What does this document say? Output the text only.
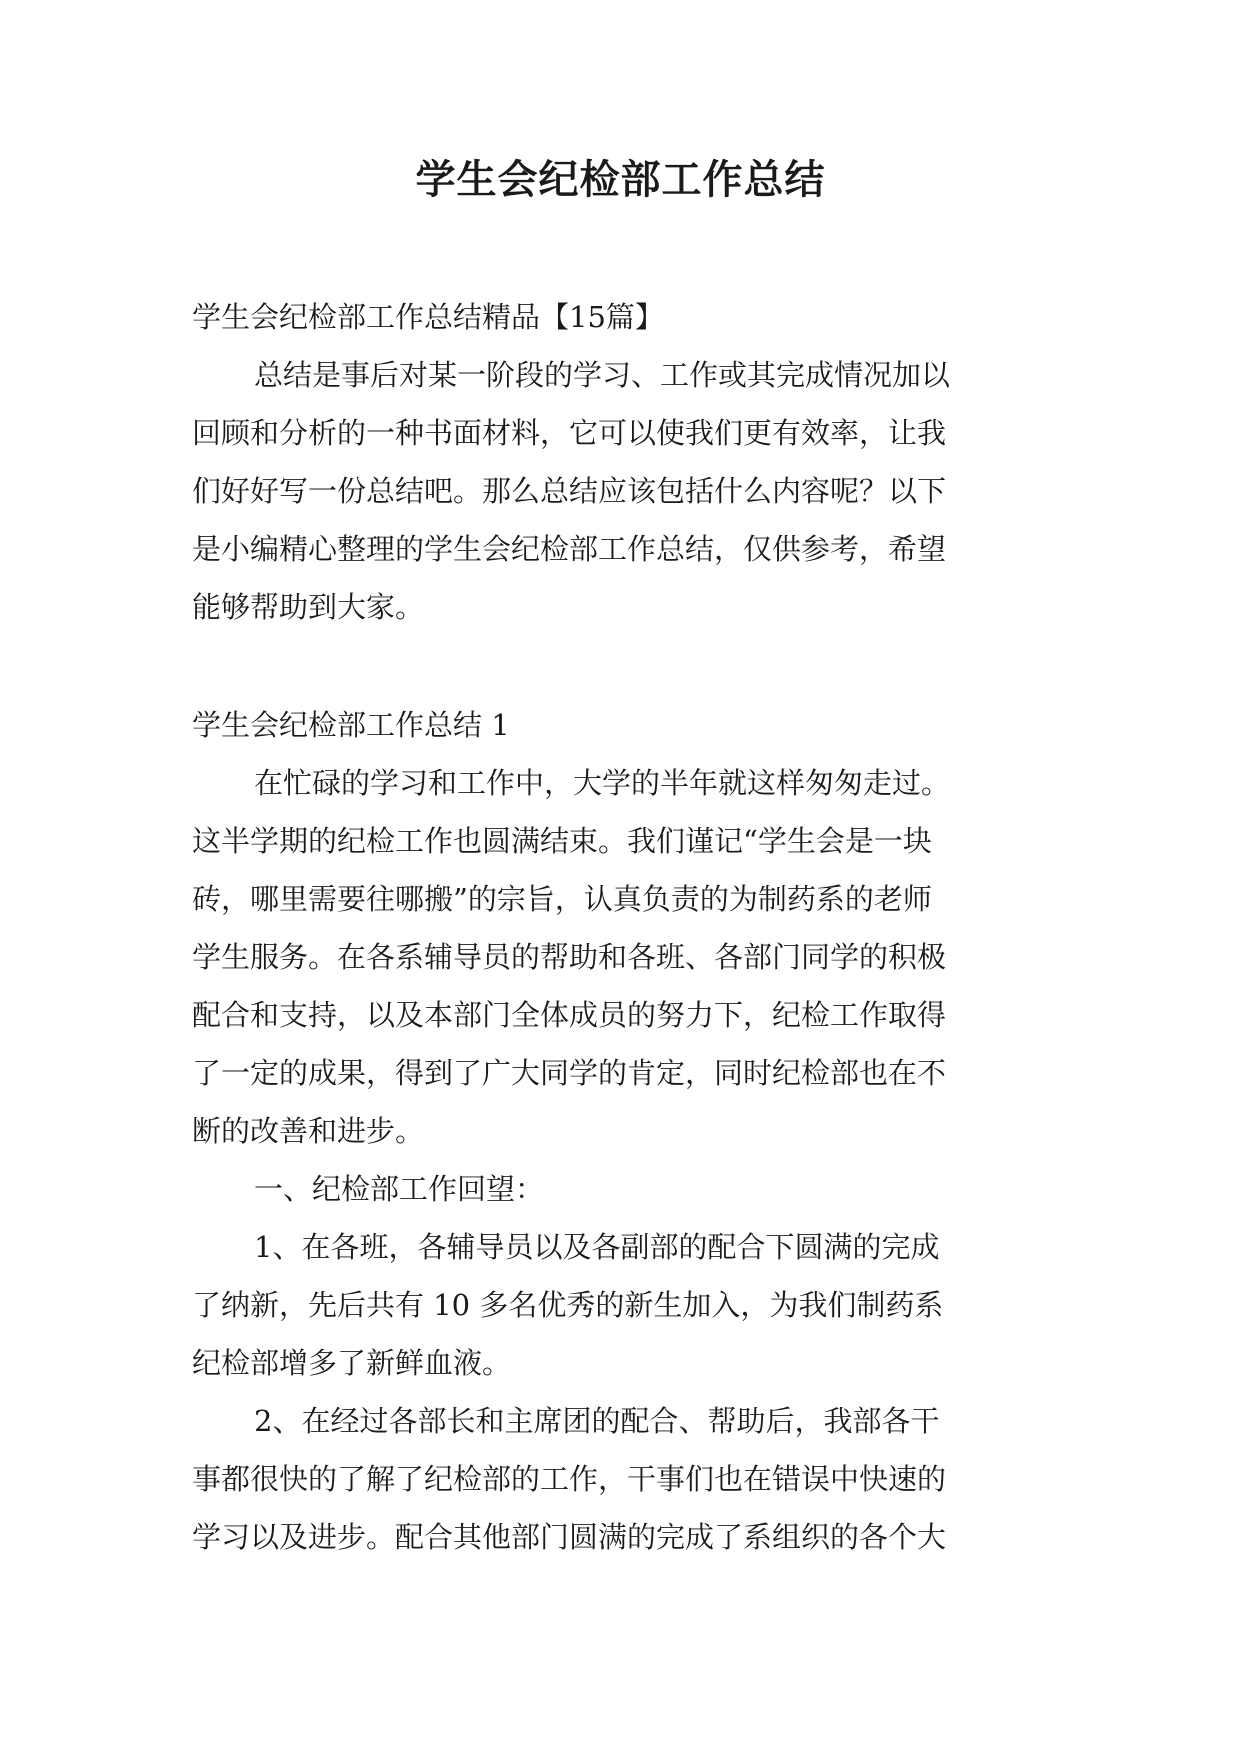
学生会纪检部工作总结

学生会纪检部工作总结精品【15篇】

总结是事后对某一阶段的学习、工作或其完成情况加以

回顾和分析的一种书面材料，它可以使我们更有效率，让我

们好好写一份总结吧。那么总结应该包括什么内容呢？以下

是小编精心整理的学生会纪检部工作总结，仅供参考，希望

能够帮助到大家。

学生会纪检部工作总结 1

在忙碌的学习和工作中，大学的半年就这样匆匆走过。

这半学期的纪检工作也圆满结束。我们谨记“学生会是一块

砖，哪里需要往哪搬”的宗旨，认真负责的为制药系的老师

学生服务。在各系辅导员的帮助和各班、各部门同学的积极

配合和支持，以及本部门全体成员的努力下，纪检工作取得

了一定的成果，得到了广大同学的肯定，同时纪检部也在不

断的改善和进步。

一、纪检部工作回望：

1、在各班，各辅导员以及各副部的配合下圆满的完成

了纳新，先后共有 10 多名优秀的新生加入，为我们制药系

纪检部增多了新鲜血液。

2、在经过各部长和主席团的配合、帮助后，我部各干

事都很快的了解了纪检部的工作，干事们也在错误中快速的

学习以及进步。配合其他部门圆满的完成了系组织的各个大
